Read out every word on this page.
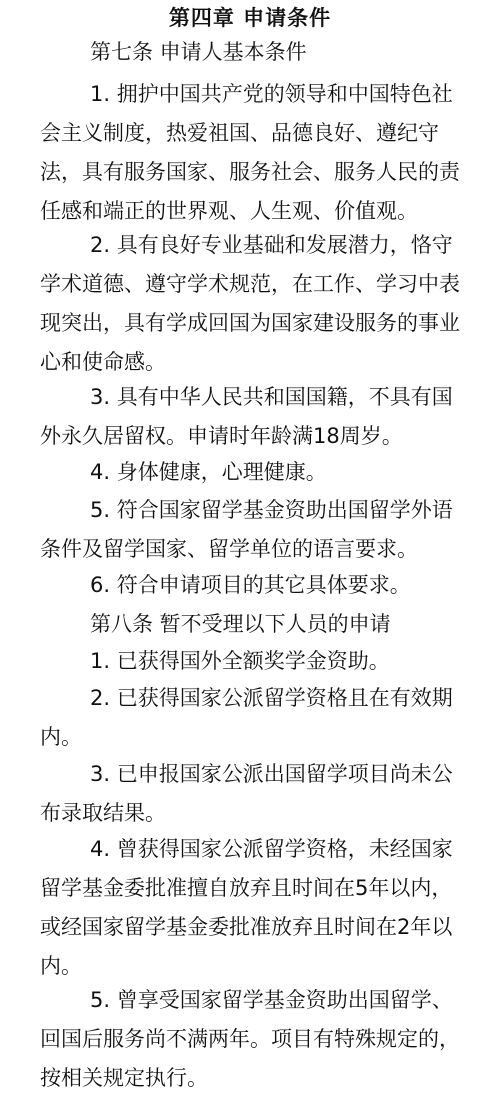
第四章 申请条件
第七条 申请人基本条件

1. 拥护中国共产党的领导和中国特色社
会主义制度，热爱祖国、品德良好、遵纪守
法，具有服务国家、服务社会、服务人民的责
任感和端正的世界观、人生观、价值观。

2. 具有良好专业基础和发展潜力，恪守
学术道德、遵守学术规范，在工作、学习中表
现突出，具有学成回国为国家建设服务的事业
心和使命感。

3. 具有中华人民共和国国籍，不具有国
外永久居留权。申请时年龄满18周岁。

4. 身体健康，心理健康。

5. 符合国家留学基金资助出国留学外语
条件及留学国家、留学单位的语言要求。

6. 符合申请项目的其它具体要求。

第八条 暂不受理以下人员的申请

1. 已获得国外全额奖学金资助。

2. 已获得国家公派留学资格且在有效期
内。

3. 已申报国家公派出国留学项目尚未公
布录取结果。

4. 曾获得国家公派留学资格，未经国家
留学基金委批准擅自放弃且时间在5年以内，
或经国家留学基金委批准放弃且时间在2年以
内。

5. 曾享受国家留学基金资助出国留学、
回国后服务尚不满两年。项目有特殊规定的，
按相关规定执行。
